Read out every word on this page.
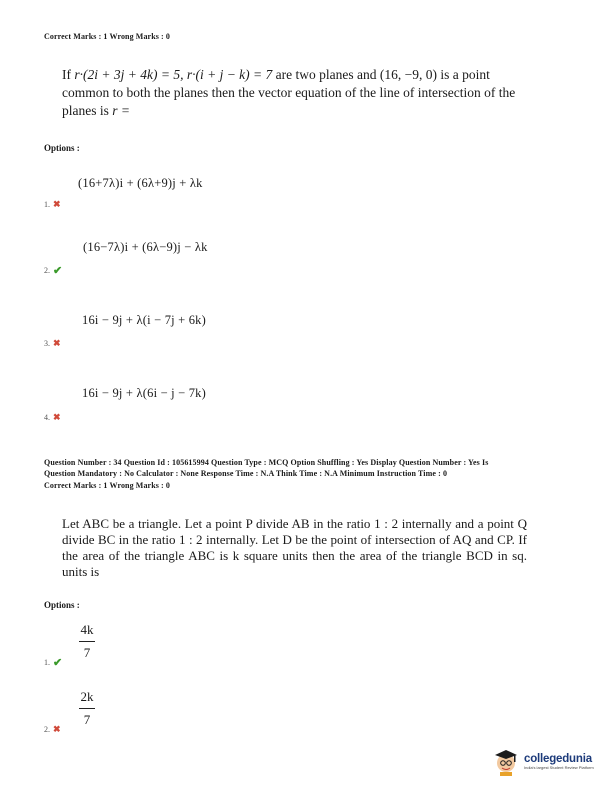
Correct Marks : 1 Wrong Marks : 0
If r·(2i + 3j + 4k) = 5, r·(i + j − k) = 7 are two planes and (16, −9, 0) is a point
common to both the planes then the vector equation of the line of intersection of the
planes is r =
Options :
(16+7λ)i + (6λ+9)j + λk
1. ✖
(16−7λ)i + (6λ−9)j − λk
2. ✔
16i − 9j + λ(i − 7j + 6k)
3. ✖
16i − 9j + λ(6i − j − 7k)
4. ✖
Question Number : 34 Question Id : 105615994 Question Type : MCQ Option Shuffling : Yes Display Question Number : Yes Is
Question Mandatory : No Calculator : None Response Time : N.A Think Time : N.A Minimum Instruction Time : 0
Correct Marks : 1 Wrong Marks : 0
Let ABC be a triangle. Let a point P divide AB in the ratio 1 : 2 internally and a point Q divide BC in the ratio 1 : 2 internally. Let D be the point of intersection of AQ and CP. If the area of the triangle ABC is k square units then the area of the triangle BCD in sq. units is
Options :
4k
7
1. ✔
2k
7
2. ✖
collegedunia
India's largest Student Review Platform
